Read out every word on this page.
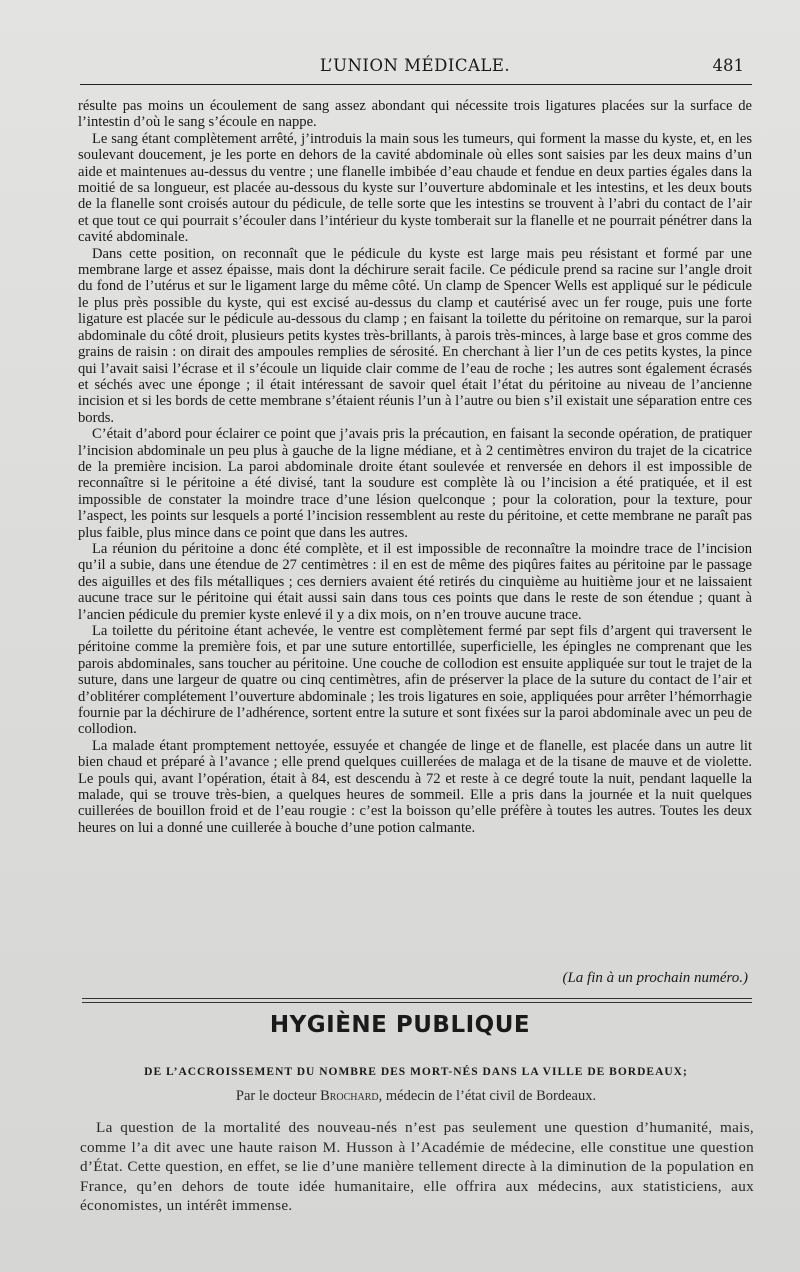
L’UNION MÉDICALE.	481

résulte pas moins un écoulement de sang assez abondant qui nécessite trois ligatures placées sur la surface de l’intestin d’où le sang s’écoule en nappe.

Le sang étant complètement arrêté, j’introduis la main sous les tumeurs, qui forment la masse du kyste, et, en les soulevant doucement, je les porte en dehors de la cavité abdominale où elles sont saisies par les deux mains d’un aide et maintenues au-dessus du ventre ; une flanelle imbibée d’eau chaude et fendue en deux parties égales dans la moitié de sa longueur, est placée au-dessous du kyste sur l’ouverture abdominale et les intestins, et les deux bouts de la flanelle sont croisés autour du pédicule, de telle sorte que les intestins se trouvent à l’abri du contact de l’air et que tout ce qui pourrait s’écouler dans l’intérieur du kyste tomberait sur la flanelle et ne pourrait pénétrer dans la cavité abdominale.

Dans cette position, on reconnaît que le pédicule du kyste est large mais peu résistant et formé par une membrane large et assez épaisse, mais dont la déchirure serait facile. Ce pédicule prend sa racine sur l’angle droit du fond de l’utérus et sur le ligament large du même côté. Un clamp de Spencer Wells est appliqué sur le pédicule le plus près possible du kyste, qui est excisé au-dessus du clamp et cautérisé avec un fer rouge, puis une forte ligature est placée sur le pédicule au-dessous du clamp ; en faisant la toilette du péritoine on remarque, sur la paroi abdominale du côté droit, plusieurs petits kystes très-brillants, à parois très-minces, à large base et gros comme des grains de raisin : on dirait des ampoules remplies de sérosité. En cherchant à lier l’un de ces petits kystes, la pince qui l’avait saisi l’écrase et il s’écoule un liquide clair comme de l’eau de roche ; les autres sont également écrasés et séchés avec une éponge ; il était intéressant de savoir quel était l’état du péritoine au niveau de l’ancienne incision et si les bords de cette membrane s’étaient réunis l’un à l’autre ou bien s’il existait une séparation entre ces bords.

C’était d’abord pour éclairer ce point que j’avais pris la précaution, en faisant la seconde opération, de pratiquer l’incision abdominale un peu plus à gauche de la ligne médiane, et à 2 centimètres environ du trajet de la cicatrice de la première incision. La paroi abdominale droite étant soulevée et renversée en dehors il est impossible de reconnaître si le péritoine a été divisé, tant la soudure est complète là ou l’incision a été pratiquée, et il est impossible de constater la moindre trace d’une lésion quelconque ; pour la coloration, pour la texture, pour l’aspect, les points sur lesquels a porté l’incision ressemblent au reste du péritoine, et cette membrane ne paraît pas plus faible, plus mince dans ce point que dans les autres.

La réunion du péritoine a donc été complète, et il est impossible de reconnaître la moindre trace de l’incision qu’il a subie, dans une étendue de 27 centimètres : il en est de même des piqûres faites au péritoine par le passage des aiguilles et des fils métalliques ; ces derniers avaient été retirés du cinquième au huitième jour et ne laissaient aucune trace sur le péritoine qui était aussi sain dans tous ces points que dans le reste de son étendue ; quant à l’ancien pédicule du premier kyste enlevé il y a dix mois, on n’en trouve aucune trace.

La toilette du péritoine étant achevée, le ventre est complètement fermé par sept fils d’argent qui traversent le péritoine comme la première fois, et par une suture entortillée, superficielle, les épingles ne comprenant que les parois abdominales, sans toucher au péritoine. Une couche de collodion est ensuite appliquée sur tout le trajet de la suture, dans une largeur de quatre ou cinq centimètres, afin de préserver la place de la suture du contact de l’air et d’oblitérer complétement l’ouverture abdominale ; les trois ligatures en soie, appliquées pour arrêter l’hémorrhagie fournie par la déchirure de l’adhérence, sortent entre la suture et sont fixées sur la paroi abdominale avec un peu de collodion.

La malade étant promptement nettoyée, essuyée et changée de linge et de flanelle, est placée dans un autre lit bien chaud et préparé à l’avance ; elle prend quelques cuillerées de malaga et de la tisane de mauve et de violette. Le pouls qui, avant l’opération, était à 84, est descendu à 72 et reste à ce degré toute la nuit, pendant laquelle la malade, qui se trouve très-bien, a quelques heures de sommeil. Elle a pris dans la journée et la nuit quelques cuillerées de bouillon froid et de l’eau rougie : c’est la boisson qu’elle préfère à toutes les autres. Toutes les deux heures on lui a donné une cuillerée à bouche d’une potion calmante.

(La fin à un prochain numéro.)
HYGIÈNE PUBLIQUE
DE L’ACCROISSEMENT DU NOMBRE DES MORT-NÉS DANS LA VILLE DE BORDEAUX;
Par le docteur Brochard, médecin de l’état civil de Bordeaux.

La question de la mortalité des nouveau-nés n’est pas seulement une question d’humanité, mais, comme l’a dit avec une haute raison M. Husson à l’Académie de médecine, elle constitue une question d’État. Cette question, en effet, se lie d’une manière tellement directe à la diminution de la population en France, qu’en dehors de toute idée humanitaire, elle offrira aux médecins, aux statisticiens, aux économistes, un intérêt immense.
